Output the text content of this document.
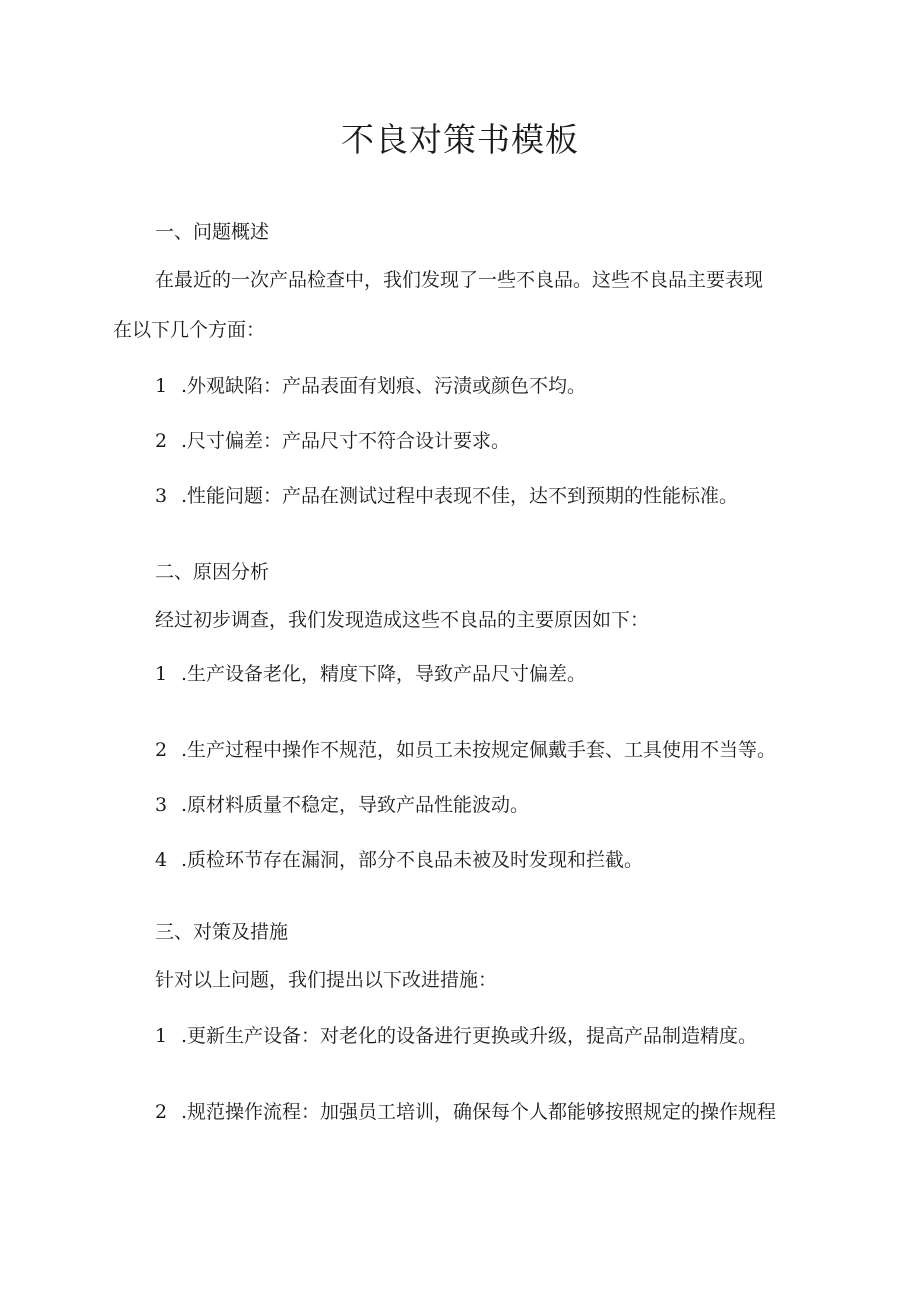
不良对策书模板
一、问题概述
在最近的一次产品检查中，我们发现了一些不良品。这些不良品主要表现
在以下几个方面：
1 .外观缺陷：产品表面有划痕、污渍或颜色不均。
2 .尺寸偏差：产品尺寸不符合设计要求。
3 .性能问题：产品在测试过程中表现不佳，达不到预期的性能标准。
二、原因分析
经过初步调查，我们发现造成这些不良品的主要原因如下：
1 .生产设备老化，精度下降，导致产品尺寸偏差。
2 .生产过程中操作不规范，如员工未按规定佩戴手套、工具使用不当等。
3 .原材料质量不稳定，导致产品性能波动。
4 .质检环节存在漏洞，部分不良品未被及时发现和拦截。
三、对策及措施
针对以上问题，我们提出以下改进措施：
1 .更新生产设备：对老化的设备进行更换或升级，提高产品制造精度。
2 .规范操作流程：加强员工培训，确保每个人都能够按照规定的操作规程
